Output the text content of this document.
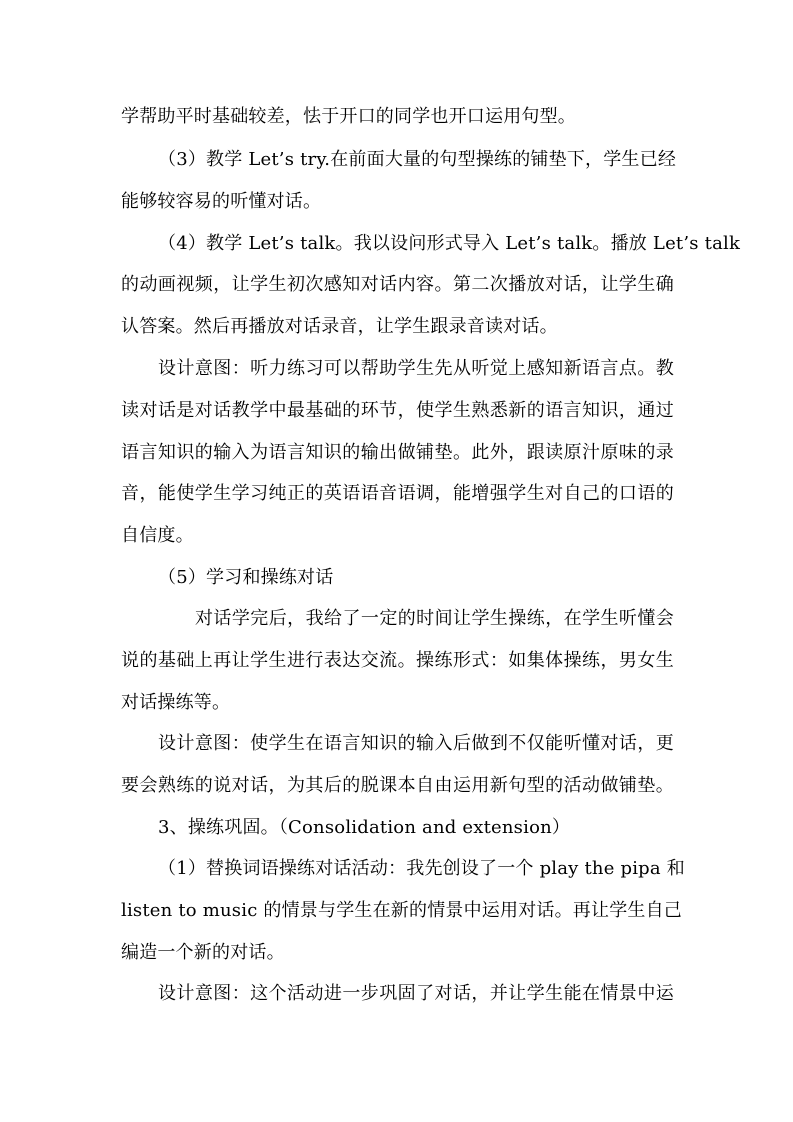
学帮助平时基础较差，怯于开口的同学也开口运用句型。
（3）教学 Let’s try.在前面大量的句型操练的铺垫下，学生已经
能够较容易的听懂对话。
（4）教学 Let’s talk。我以设问形式导入 Let’s talk。播放 Let’s talk
的动画视频，让学生初次感知对话内容。第二次播放对话，让学生确
认答案。然后再播放对话录音，让学生跟录音读对话。
设计意图：听力练习可以帮助学生先从听觉上感知新语言点。教
读对话是对话教学中最基础的环节，使学生熟悉新的语言知识，通过
语言知识的输入为语言知识的输出做铺垫。此外，跟读原汁原味的录
音，能使学生学习纯正的英语语音语调，能增强学生对自己的口语的
自信度。
（5）学习和操练对话
对话学完后，我给了一定的时间让学生操练，在学生听懂会
说的基础上再让学生进行表达交流。操练形式：如集体操练，男女生
对话操练等。
设计意图：使学生在语言知识的输入后做到不仅能听懂对话，更
要会熟练的说对话，为其后的脱课本自由运用新句型的活动做铺垫。
3、操练巩固。（Consolidation and extension）
（1）替换词语操练对话活动：我先创设了一个 play the pipa 和
listen to music 的情景与学生在新的情景中运用对话。再让学生自己
编造一个新的对话。
设计意图：这个活动进一步巩固了对话，并让学生能在情景中运
